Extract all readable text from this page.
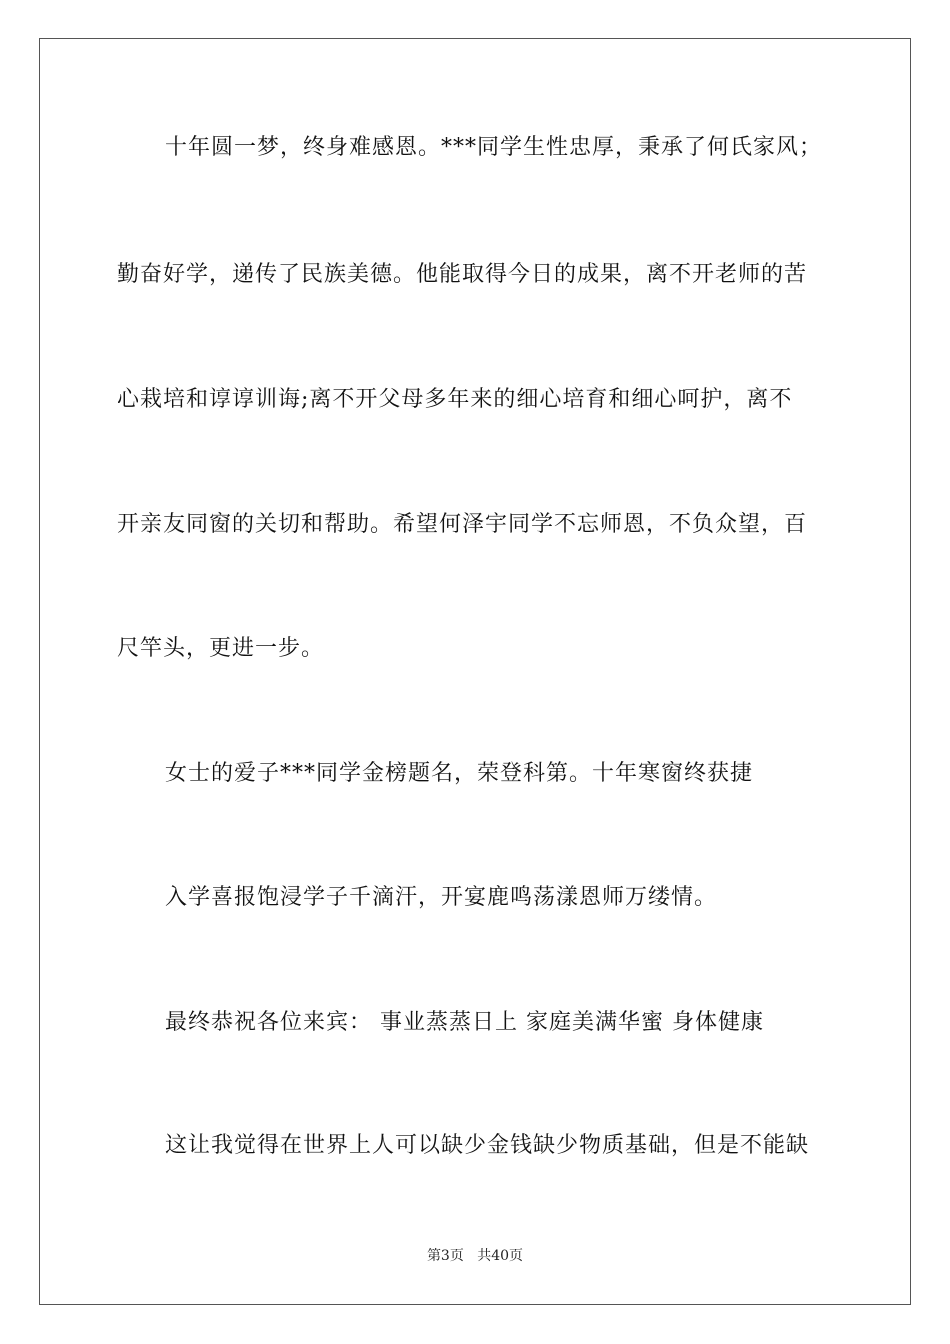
十年圆一梦，终身难感恩。***同学生性忠厚，秉承了何氏家风；
勤奋好学，递传了民族美德。他能取得今日的成果，离不开老师的苦
心栽培和谆谆训诲;离不开父母多年来的细心培育和细心呵护，离不
开亲友同窗的关切和帮助。希望何泽宇同学不忘师恩，不负众望，百
尺竿头，更进一步。
女士的爱子***同学金榜题名，荣登科第。十年寒窗终获捷
入学喜报饱浸学子千滴汗，开宴鹿鸣荡漾恩师万缕情。
最终恭祝各位来宾： 事业蒸蒸日上 家庭美满华蜜 身体健康
这让我觉得在世界上人可以缺少金钱缺少物质基础，但是不能缺
第3页 共40页
